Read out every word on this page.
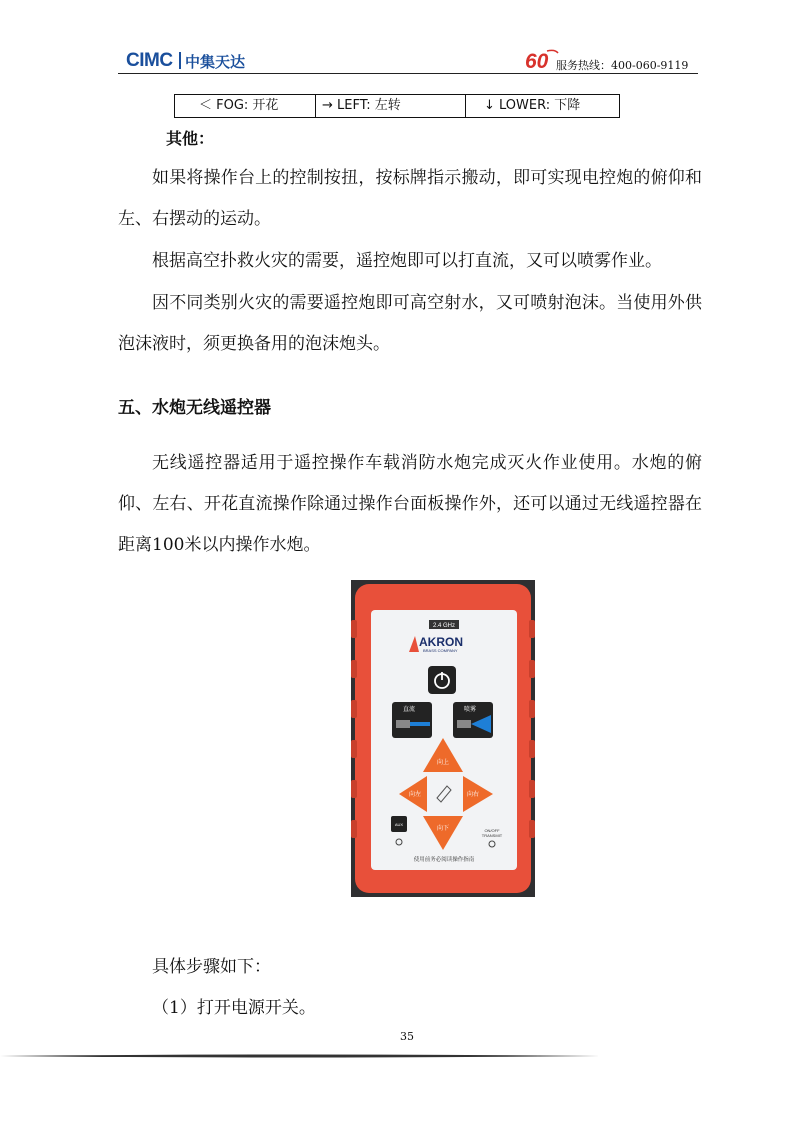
CIMC 中集天达	60 服务热线：400-060-9119
＜ FOG: 开花	→ LEFT: 左转	↓ LOWER: 下降
其他：
如果将操作台上的控制按扭，按标牌指示搬动，即可实现电控炮的俯仰和左、右摆动的运动。
根据高空扑救火灾的需要，遥控炮即可以打直流，又可以喷雾作业。
因不同类别火灾的需要遥控炮即可高空射水，又可喷射泡沫。当使用外供泡沫液时，须更换备用的泡沫炮头。
五、水炮无线遥控器
无线遥控器适用于遥控操作车载消防水炮完成灭火作业使用。水炮的俯仰、左右、开花直流操作除通过操作台面板操作外，还可以通过无线遥控器在距离100米以内操作水炮。
2.4 GHz
AKRON
BRASS COMPANY
直流	喷雾
向上
向左	向右
向下
AUX
ON/OFF
TRANSMIT
使用前务必阅读操作指南
具体步骤如下：
（1）打开电源开关。
35
